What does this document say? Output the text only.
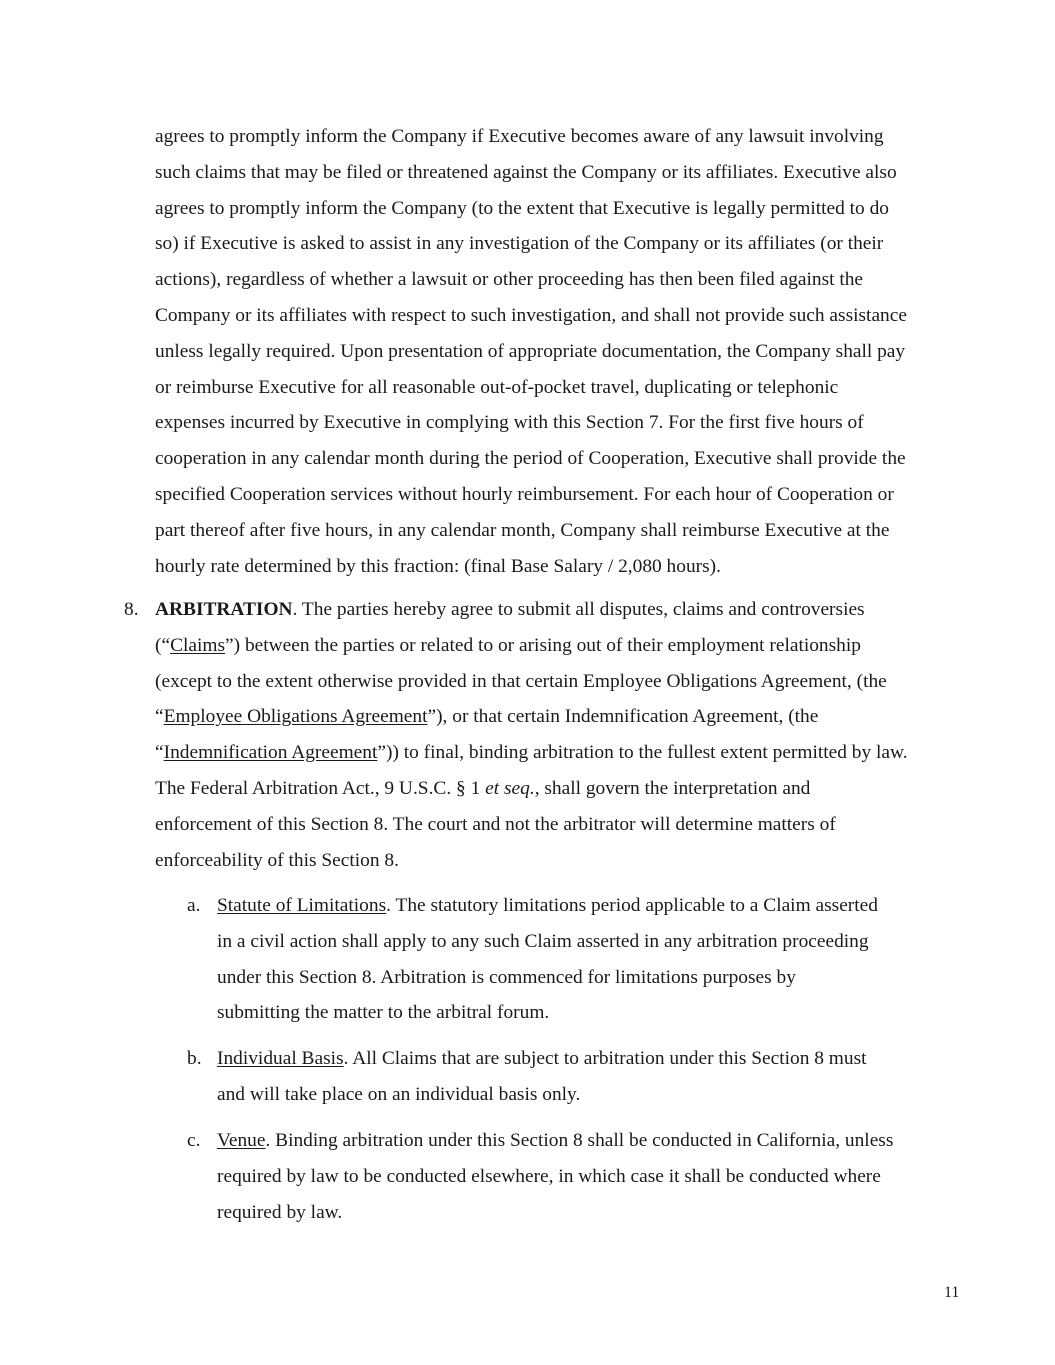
agrees to promptly inform the Company if Executive becomes aware of any lawsuit involving
such claims that may be filed or threatened against the Company or its affiliates. Executive also
agrees to promptly inform the Company (to the extent that Executive is legally permitted to do
so) if Executive is asked to assist in any investigation of the Company or its affiliates (or their
actions), regardless of whether a lawsuit or other proceeding has then been filed against the
Company or its affiliates with respect to such investigation, and shall not provide such assistance
unless legally required. Upon presentation of appropriate documentation, the Company shall pay
or reimburse Executive for all reasonable out-of-pocket travel, duplicating or telephonic
expenses incurred by Executive in complying with this Section 7. For the first five hours of
cooperation in any calendar month during the period of Cooperation, Executive shall provide the
specified Cooperation services without hourly reimbursement. For each hour of Cooperation or
part thereof after five hours, in any calendar month, Company shall reimburse Executive at the
hourly rate determined by this fraction: (final Base Salary / 2,080 hours).
8. ARBITRATION. The parties hereby agree to submit all disputes, claims and controversies
(“Claims”) between the parties or related to or arising out of their employment relationship
(except to the extent otherwise provided in that certain Employee Obligations Agreement, (the
“Employee Obligations Agreement”), or that certain Indemnification Agreement, (the
“Indemnification Agreement”)) to final, binding arbitration to the fullest extent permitted by law.
The Federal Arbitration Act., 9 U.S.C. § 1 et seq., shall govern the interpretation and
enforcement of this Section 8. The court and not the arbitrator will determine matters of
enforceability of this Section 8.
a. Statute of Limitations. The statutory limitations period applicable to a Claim asserted
in a civil action shall apply to any such Claim asserted in any arbitration proceeding
under this Section 8. Arbitration is commenced for limitations purposes by
submitting the matter to the arbitral forum.
b. Individual Basis. All Claims that are subject to arbitration under this Section 8 must
and will take place on an individual basis only.
c. Venue. Binding arbitration under this Section 8 shall be conducted in California, unless
required by law to be conducted elsewhere, in which case it shall be conducted where
required by law.
11
